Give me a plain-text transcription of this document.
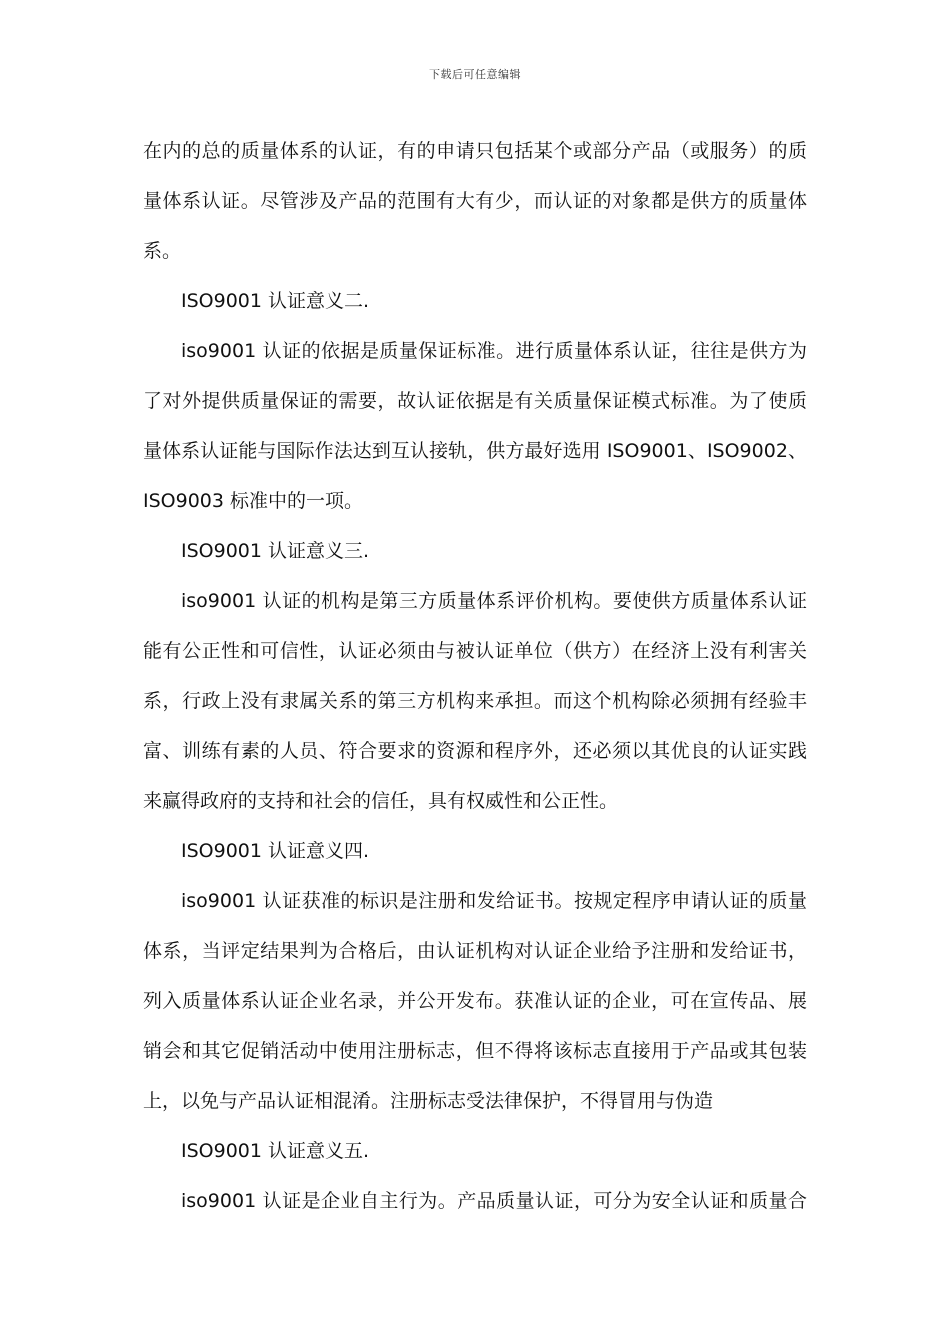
下载后可任意编辑

在内的总的质量体系的认证，有的申请只包括某个或部分产品（或服务）的质量体系认证。尽管涉及产品的范围有大有少，而认证的对象都是供方的质量体系。

ISO9001 认证意义二.

iso9001 认证的依据是质量保证标准。进行质量体系认证，往往是供方为了对外提供质量保证的需要，故认证依据是有关质量保证模式标准。为了使质量体系认证能与国际作法达到互认接轨，供方最好选用 ISO9001、ISO9002、ISO9003 标准中的一项。

ISO9001 认证意义三.

iso9001 认证的机构是第三方质量体系评价机构。要使供方质量体系认证能有公正性和可信性，认证必须由与被认证单位（供方）在经济上没有利害关系，行政上没有隶属关系的第三方机构来承担。而这个机构除必须拥有经验丰富、训练有素的人员、符合要求的资源和程序外，还必须以其优良的认证实践来赢得政府的支持和社会的信任，具有权威性和公正性。

ISO9001 认证意义四.

iso9001 认证获准的标识是注册和发给证书。按规定程序申请认证的质量体系，当评定结果判为合格后，由认证机构对认证企业给予注册和发给证书，列入质量体系认证企业名录，并公开发布。获准认证的企业，可在宣传品、展销会和其它促销活动中使用注册标志，但不得将该标志直接用于产品或其包装上，以免与产品认证相混淆。注册标志受法律保护，不得冒用与伪造

ISO9001 认证意义五.

iso9001 认证是企业自主行为。产品质量认证，可分为安全认证和质量合
